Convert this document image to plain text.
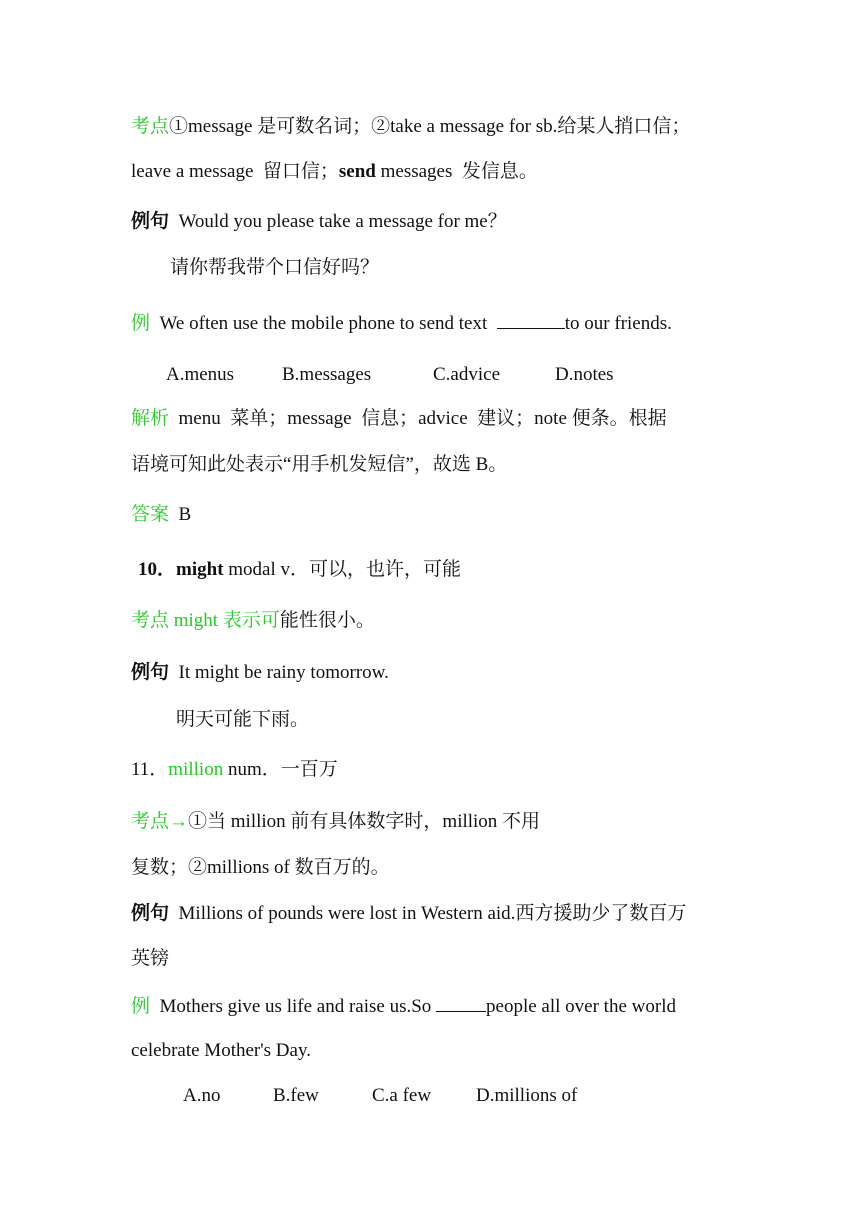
考点①message 是可数名词；②take a message for sb.给某人捎口信；
leave a message  留口信；send messages  发信息。
例句  Would you please take a message for me？
请你帮我带个口信好吗？
例  We often use the mobile phone to send text	to our friends.
A.menus	B.messages	C.advice	D.notes
解析  menu  菜单；message  信息；advice  建议；note 便条。根据
语境可知此处表示“用手机发短信”，故选 B。
答案  B
10．might modal v．可以，也许，可能
考点 might 表示可能性很小。
例句  It might be rainy tomorrow.
明天可能下雨。
11．million num．一百万
考点→①当 million 前有具体数字时，million 不用
复数；②millions of 数百万的。
例句  Millions of pounds were lost in Western aid.西方援助少了数百万
英镑
例  Mothers give us life and raise us.So	people all over the world
celebrate Mother's Day.
A.no	B.few	C.a few D.millions of
